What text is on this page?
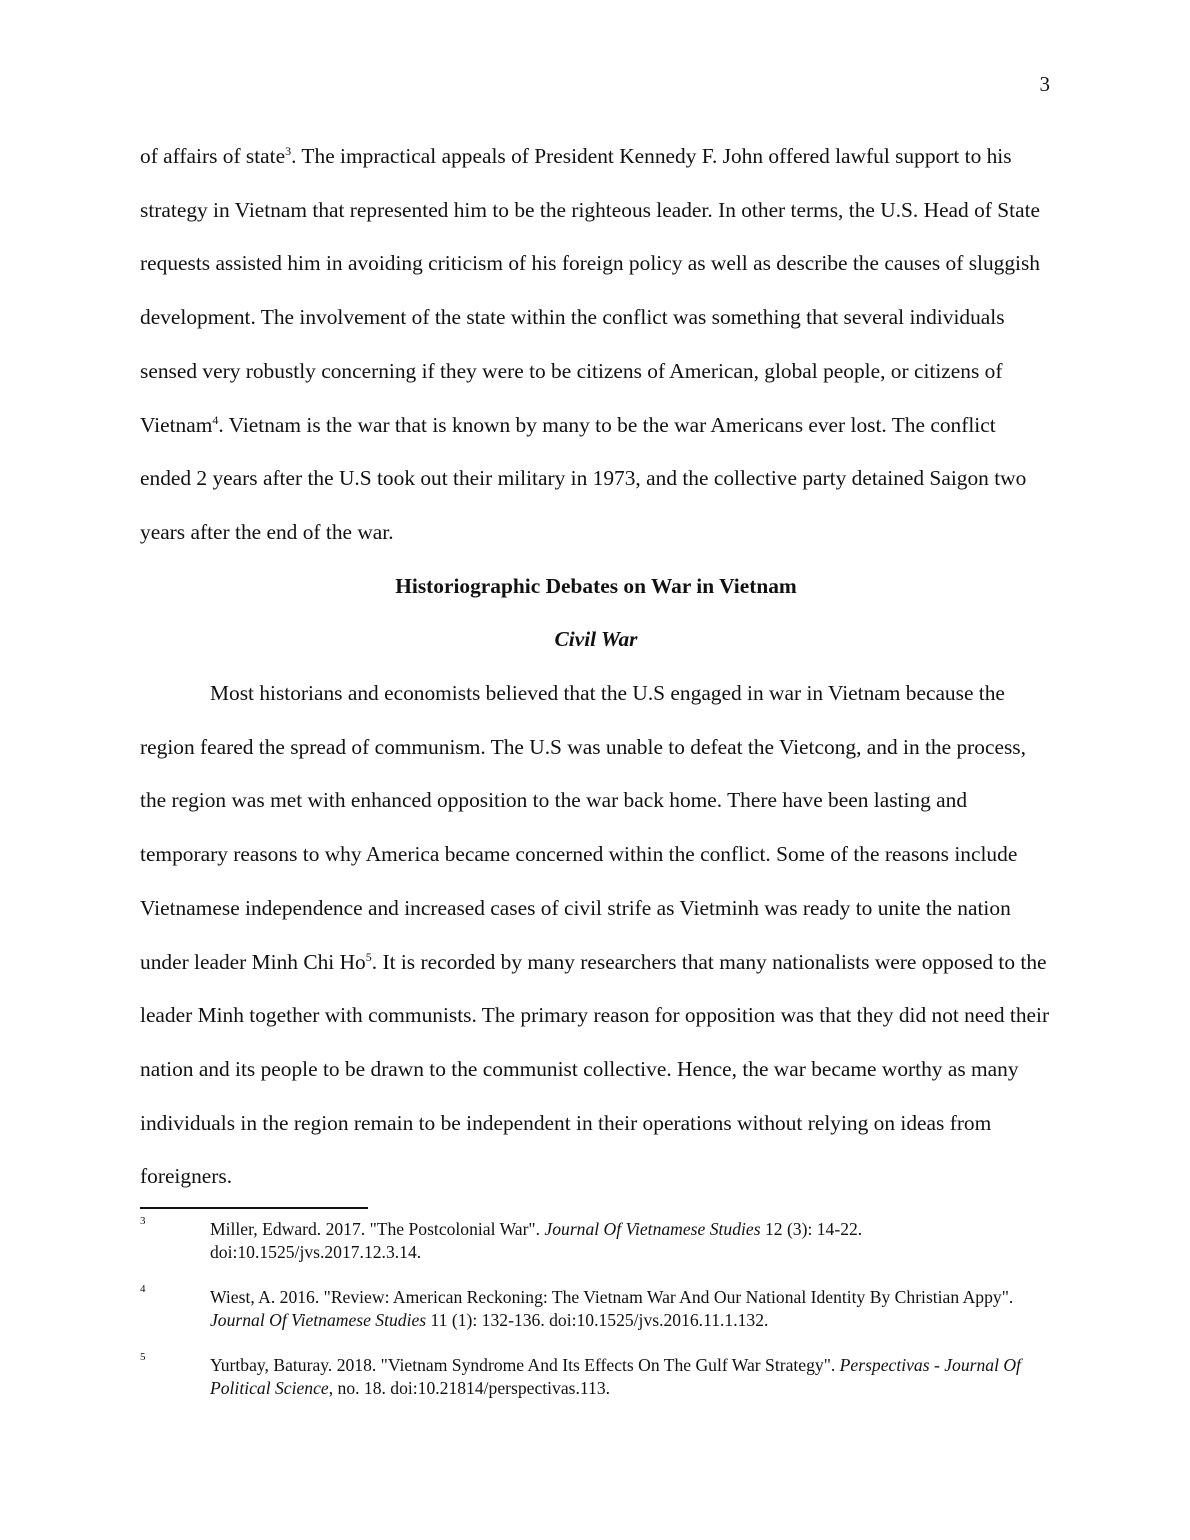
3

of affairs of state$^3$. The impractical appeals of President Kennedy F. John offered lawful support to his strategy in Vietnam that represented him to be the righteous leader. In other terms, the U.S. Head of State requests assisted him in avoiding criticism of his foreign policy as well as describe the causes of sluggish development. The involvement of the state within the conflict was something that several individuals sensed very robustly concerning if they were to be citizens of American, global people, or citizens of Vietnam$^4$. Vietnam is the war that is known by many to be the war Americans ever lost. The conflict ended 2 years after the U.S took out their military in 1973, and the collective party detained Saigon two years after the end of the war.

Historiographic Debates on War in Vietnam

Civil War

Most historians and economists believed that the U.S engaged in war in Vietnam because the region feared the spread of communism. The U.S was unable to defeat the Vietcong, and in the process, the region was met with enhanced opposition to the war back home. There have been lasting and temporary reasons to why America became concerned within the conflict. Some of the reasons include Vietnamese independence and increased cases of civil strife as Vietminh was ready to unite the nation under leader Minh Chi Ho$^5$. It is recorded by many researchers that many nationalists were opposed to the leader Minh together with communists. The primary reason for opposition was that they did not need their nation and its people to be drawn to the communist collective. Hence, the war became worthy as many individuals in the region remain to be independent in their operations without relying on ideas from foreigners.

3	Miller, Edward. 2017. "The Postcolonial War". Journal Of Vietnamese Studies 12 (3): 14-22. doi:10.1525/jvs.2017.12.3.14.
4	Wiest, A. 2016. "Review: American Reckoning: The Vietnam War And Our National Identity By Christian Appy". Journal Of Vietnamese Studies 11 (1): 132-136. doi:10.1525/jvs.2016.11.1.132.
5	Yurtbay, Baturay. 2018. "Vietnam Syndrome And Its Effects On The Gulf War Strategy". Perspectivas - Journal Of Political Science, no. 18. doi:10.21814/perspectivas.113.
